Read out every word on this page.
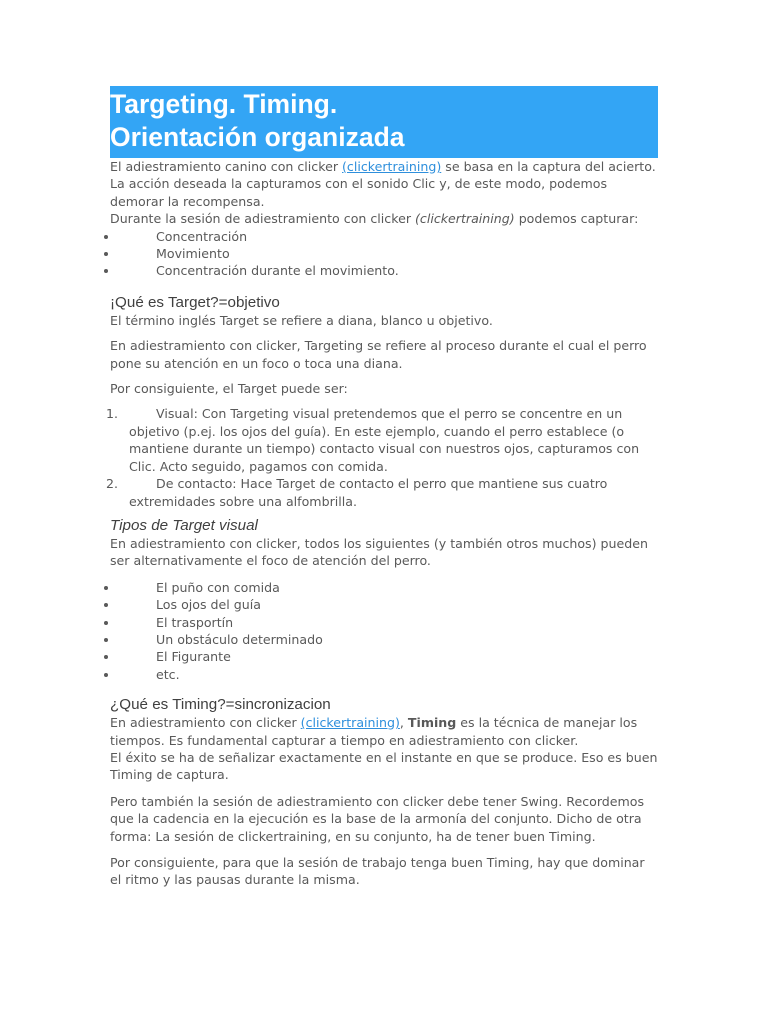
Targeting. Timing.
Orientación organizada

El adiestramiento canino con clicker (clickertraining) se basa en la captura del acierto. La acción deseada la capturamos con el sonido Clic y, de este modo, podemos demorar la recompensa.

Durante la sesión de adiestramiento con clicker (clickertraining) podemos capturar:

Concentración
Movimiento
Concentración durante el movimiento.
¡Qué es Target?=objetivo

El término inglés Target se refiere a diana, blanco u objetivo.

En adiestramiento con clicker, Targeting se refiere al proceso durante el cual el perro pone su atención en un foco o toca una diana.

Por consiguiente, el Target puede ser:

1.	Visual: Con Targeting visual pretendemos que el perro se concentre en un objetivo (p.ej. los ojos del guía). En este ejemplo, cuando el perro establece (o mantiene durante un tiempo) contacto visual con nuestros ojos, capturamos con Clic. Acto seguido, pagamos con comida.
2.	De contacto: Hace Target de contacto el perro que mantiene sus cuatro extremidades sobre una alfombrilla.
Tipos de Target visual

En adiestramiento con clicker, todos los siguientes (y también otros muchos) pueden ser alternativamente el foco de atención del perro.

El puño con comida
Los ojos del guía
El trasportín
Un obstáculo determinado
El Figurante
etc.
¿Qué es Timing?=sincronizacion

En adiestramiento con clicker (clickertraining), Timing es la técnica de manejar los tiempos. Es fundamental capturar a tiempo en adiestramiento con clicker.

El éxito se ha de señalizar exactamente en el instante en que se produce. Eso es buen Timing de captura.

Pero también la sesión de adiestramiento con clicker debe tener Swing. Recordemos que la cadencia en la ejecución es la base de la armonía del conjunto. Dicho de otra forma: La sesión de clickertraining, en su conjunto, ha de tener buen Timing.

Por consiguiente, para que la sesión de trabajo tenga buen Timing, hay que dominar el ritmo y las pausas durante la misma.
